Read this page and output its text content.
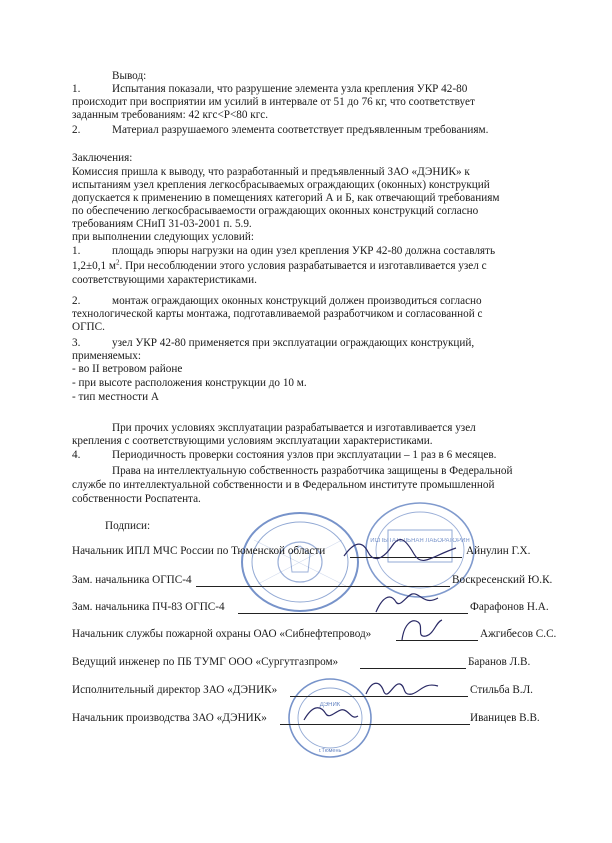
Вывод:
1.	Испытания показали, что разрушение элемента узла крепления УКР 42-80
происходит при восприятии им усилий в интервале от 51 до 76 кг, что соответствует
заданным требованиям: 42 кгс<P<80 кгс.
2.	Материал разрушаемого элемента соответствует предъявленным требованиям.
Заключения:
Комиссия пришла к выводу, что разработанный и предъявленный ЗАО «ДЭНИК» к
испытаниям узел крепления легкосбрасываемых ограждающих (оконных) конструкций
допускается к применению в помещениях категорий А и Б, как отвечающий требованиям
по обеспечению легкосбрасываемости ограждающих оконных конструкций согласно
требованиям СНиП 31-03-2001 п. 5.9.
при выполнении следующих условий:
1.	площадь эпюры нагрузки на один узел крепления УКР 42-80 должна составлять
1,2±0,1 $м^2$. При несоблюдении этого условия разрабатывается и изготавливается узел с
соответствующими характеристиками.
2.	монтаж ограждающих оконных конструкций должен производиться согласно
технологической карты монтажа, подготавливаемой разработчиком и согласованной с
ОГПС.
3.	узел УКР 42-80 применяется при эксплуатации ограждающих конструкций,
применяемых:
- во II ветровом районе
- при высоте расположения конструкции до 10 м.
- тип местности А
При прочих условиях эксплуатации разрабатывается и изготавливается узел
крепления с соответствующими условиям эксплуатации характеристиками.
4.	Периодичность проверки состояния узлов при эксплуатации – 1 раз в 6 месяцев.
Права на интеллектуальную собственность разработчика защищены в Федеральной
службе по интеллектуальной собственности и в Федеральном институте промышленной
собственности Роспатента.
Подписи:
ИСПЫТАТЕЛЬНАЯ ЛАБОРАТОРИЯ
ДЭНИК
г.Тюмень
Начальник ИПЛ МЧС России по Тюменской области	Айнулин Г.Х.
Зам. начальника ОГПС-4	Воскресенский Ю.К.
Зам. начальника ПЧ-83 ОГПС-4	Фарафонов Н.А.
Начальник службы пожарной охраны ОАО «Сибнефтепровод»	Ажгибесов С.С.
Ведущий инженер по ПБ ТУМГ ООО «Сургутгазпром»	Баранов Л.В.
Исполнительный директор ЗАО «ДЭНИК»	Стильба В.Л.
Начальник производства ЗАО «ДЭНИК»	Иваницев В.В.
